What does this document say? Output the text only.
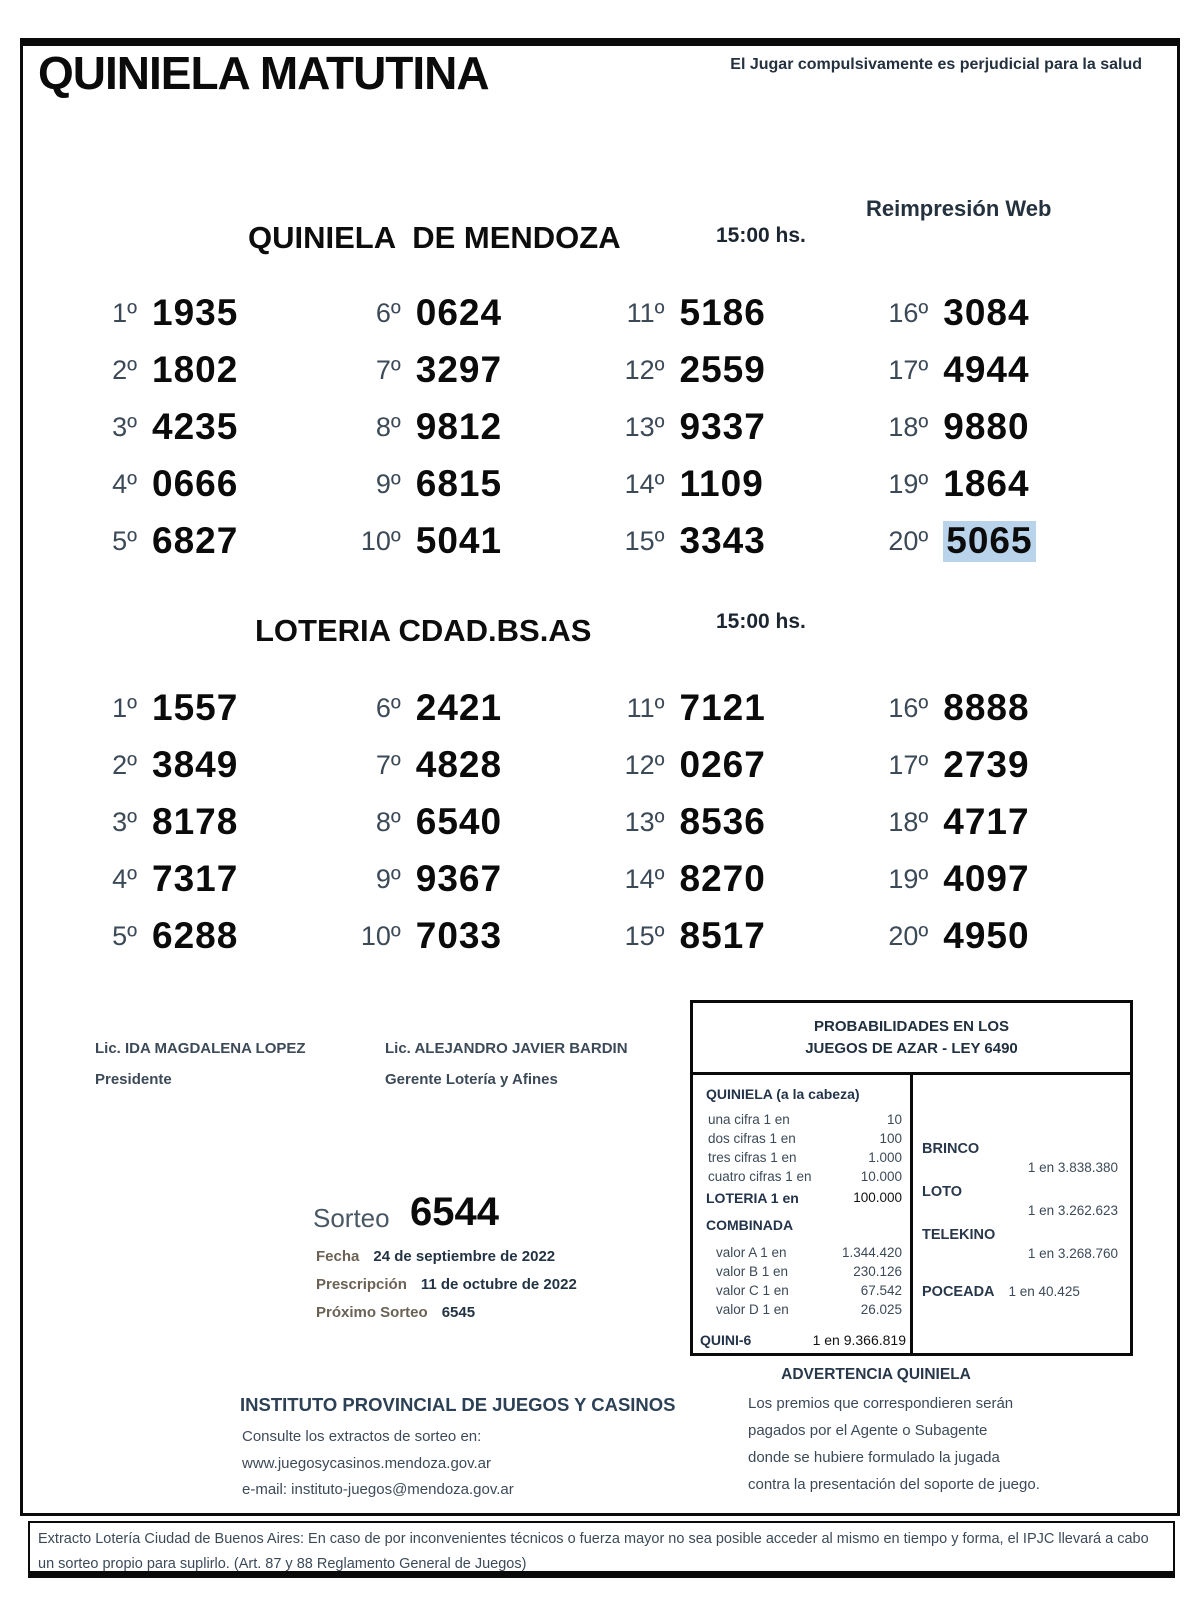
QUINIELA MATUTINA	El Jugar compulsivamente es perjudicial para la salud
QUINIELA  DE MENDOZA	15:00 hs.
Reimpresión Web
1º 1935
2º 1802
3º 4235
4º 0666
5º 6827
6º 0624
7º 3297
8º 9812
9º 6815
10º 5041
11º 5186
12º 2559
13º 9337
14º 1109
15º 3343
16º 3084
17º 4944
18º 9880
19º 1864
20º 5065
LOTERIA CDAD.BS.AS	15:00 hs.
1º 1557
2º 3849
3º 8178
4º 7317
5º 6288
6º 2421
7º 4828
8º 6540
9º 9367
10º 7033
11º 7121
12º 0267
13º 8536
14º 8270
15º 8517
16º 8888
17º 2739
18º 4717
19º 4097
20º 4950
Lic. IDA MAGDALENA LOPEZ
Presidente
Lic. ALEJANDRO JAVIER BARDIN
Gerente Lotería y Afines
PROBABILIDADES EN LOS
JUEGOS DE AZAR - LEY 6490
QUINIELA (a la cabeza)
una cifra 1 en	10
dos cifras 1 en	100
tres cifras 1 en	1.000
cuatro cifras 1 en	10.000
LOTERIA 1 en	100.000
COMBINADA
valor A 1 en	1.344.420
valor B 1 en	230.126
valor C 1 en	67.542
valor D 1 en	26.025
QUINI-6	1 en 9.366.819
BRINCO
1 en 3.838.380
LOTO
1 en 3.262.623
TELEKINO
1 en 3.268.760
POCEADA 1 en 40.425
Sorteo 6544
Fecha 24 de septiembre de 2022
Prescripción 11 de octubre de 2022
Próximo Sorteo 6545
ADVERTENCIA QUINIELA
Los premios que correspondieren serán
pagados por el Agente o Subagente
donde se hubiere formulado la jugada
contra la presentación del soporte de juego.
INSTITUTO PROVINCIAL DE JUEGOS Y CASINOS
Consulte los extractos de sorteo en:
www.juegosycasinos.mendoza.gov.ar
e-mail: instituto-juegos@mendoza.gov.ar
Extracto Lotería Ciudad de Buenos Aires: En caso de por inconvenientes técnicos o fuerza mayor no sea posible acceder al mismo en tiempo y forma, el IPJC llevará a cabo un sorteo propio para suplirlo. (Art. 87 y 88 Reglamento General de Juegos)
